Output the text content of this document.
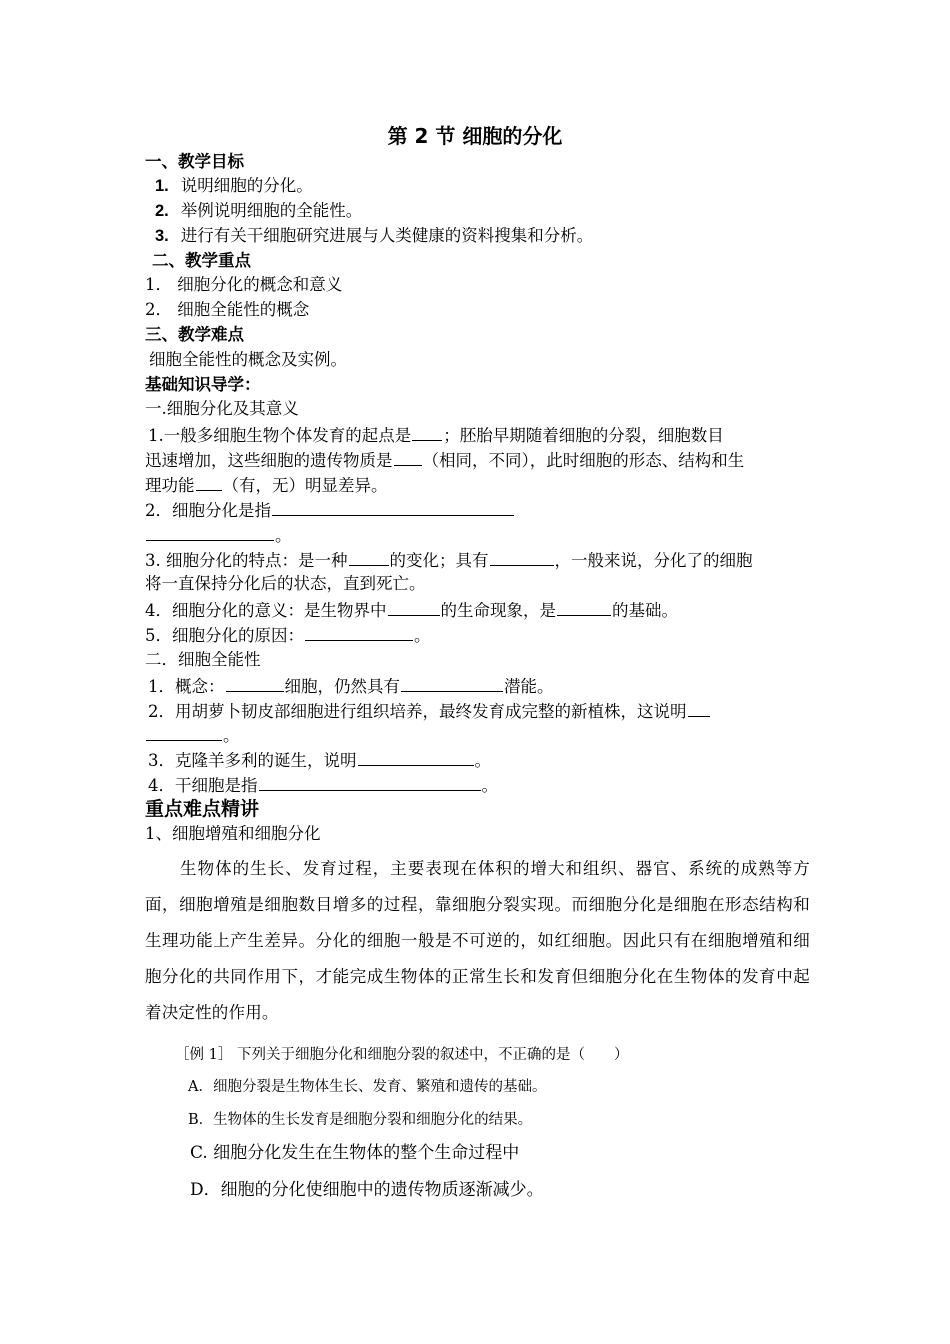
第 2 节 细胞的分化
一、教学目标
1. 说明细胞的分化。
2. 举例说明细胞的全能性。
3. 进行有关干细胞研究进展与人类健康的资料搜集和分析。
二、教学重点
1． 细胞分化的概念和意义
2． 细胞全能性的概念
三、教学难点
细胞全能性的概念及实例。
基础知识导学：
一.细胞分化及其意义
1.一般多细胞生物个体发育的起点是 ；胚胎早期随着细胞的分裂，细胞数目
迅速增加，这些细胞的遗传物质是 （相同，不同），此时细胞的形态、结构和生
理功能 （有，无）明显差异。
2．细胞分化是指
。
3. 细胞分化的特点：是一种	的变化；具有	，一般来说，分化了的细胞
将一直保持分化后的状态，直到死亡。
4．细胞分化的意义：是生物界中	的生命现象，是	的基础。
5．细胞分化的原因：	。
二．细胞全能性
1．概念：	细胞，仍然具有	潜能。
2．用胡萝卜韧皮部细胞进行组织培养，最终发育成完整的新植株，这说明
。
3．克隆羊多利的诞生，说明	。
4．干细胞是指	。
重点难点精讲
1、细胞增殖和细胞分化
　　生物体的生长、发育过程，主要表现在体积的增大和组织、器官、系统的成熟等方面，细胞增殖是细胞数目增多的过程，靠细胞分裂实现。而细胞分化是细胞在形态结构和生理功能上产生差异。分化的细胞一般是不可逆的，如红细胞。因此只有在细胞增殖和细胞分化的共同作用下，才能完成生物体的正常生长和发育但细胞分化在生物体的发育中起着决定性的作用。
［例 1］ 下列关于细胞分化和细胞分裂的叙述中，不正确的是（　　）
A．细胞分裂是生物体生长、发育、繁殖和遗传的基础。
B．生物体的生长发育是细胞分裂和细胞分化的结果。
C. 细胞分化发生在生物体的整个生命过程中
D．细胞的分化使细胞中的遗传物质逐渐减少。
